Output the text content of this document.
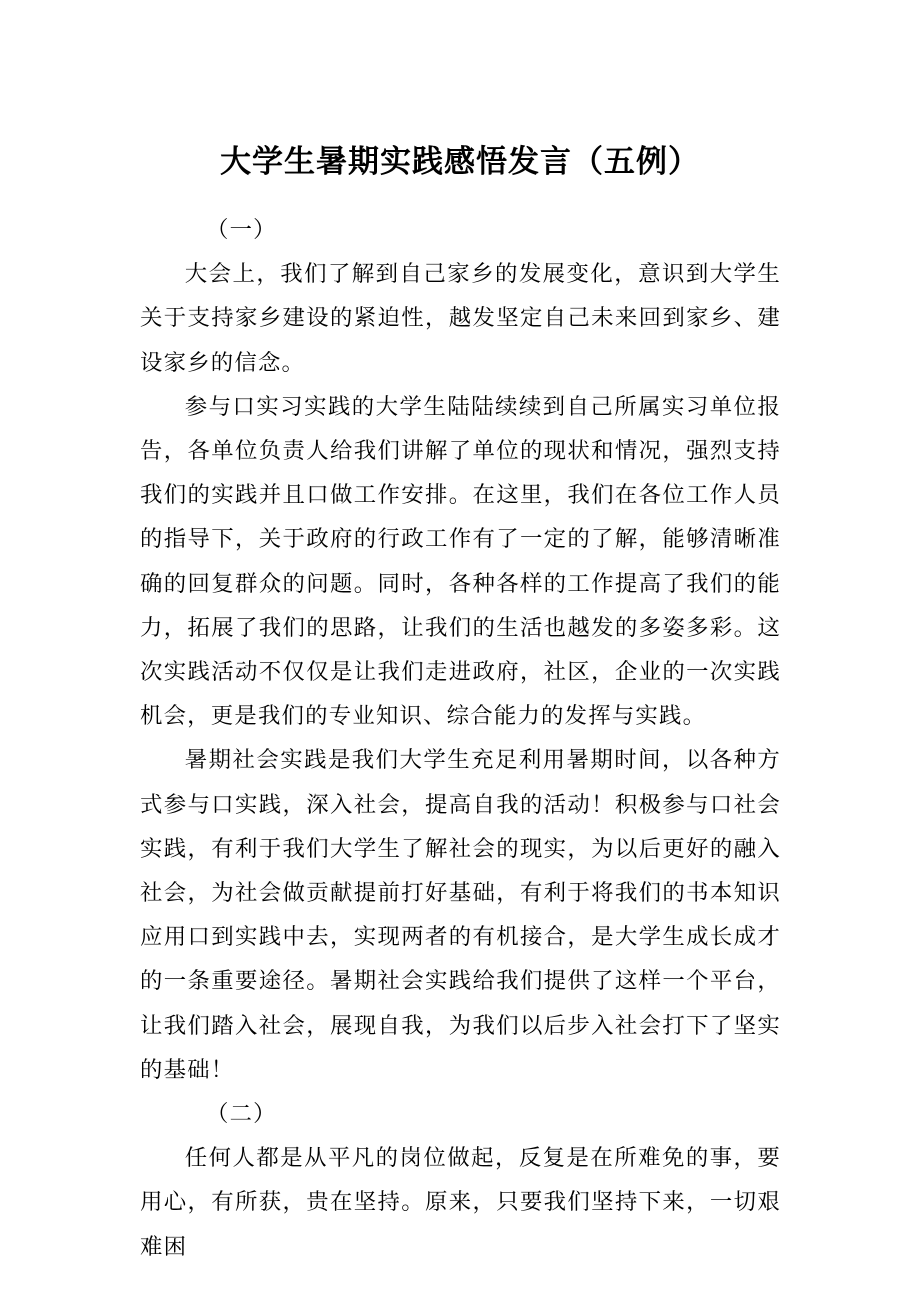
大学生暑期实践感悟发言（五例）

（一）

大会上，我们了解到自己家乡的发展变化，意识到大学生关于支持家乡建设的紧迫性，越发坚定自己未来回到家乡、建设家乡的信念。

参与口实习实践的大学生陆陆续续到自己所属实习单位报告，各单位负责人给我们讲解了单位的现状和情况，强烈支持我们的实践并且口做工作安排。在这里，我们在各位工作人员的指导下，关于政府的行政工作有了一定的了解，能够清晰准确的回复群众的问题。同时，各种各样的工作提高了我们的能力，拓展了我们的思路，让我们的生活也越发的多姿多彩。这次实践活动不仅仅是让我们走进政府，社区，企业的一次实践机会，更是我们的专业知识、综合能力的发挥与实践。

暑期社会实践是我们大学生充足利用暑期时间，以各种方式参与口实践，深入社会，提高自我的活动！积极参与口社会实践，有利于我们大学生了解社会的现实，为以后更好的融入社会，为社会做贡献提前打好基础，有利于将我们的书本知识应用口到实践中去，实现两者的有机接合，是大学生成长成才的一条重要途径。暑期社会实践给我们提供了这样一个平台，让我们踏入社会，展现自我，为我们以后步入社会打下了坚实的基础！

（二）

任何人都是从平凡的岗位做起，反复是在所难免的事，要用心，有所获，贵在坚持。原来，只要我们坚持下来，一切艰难困
